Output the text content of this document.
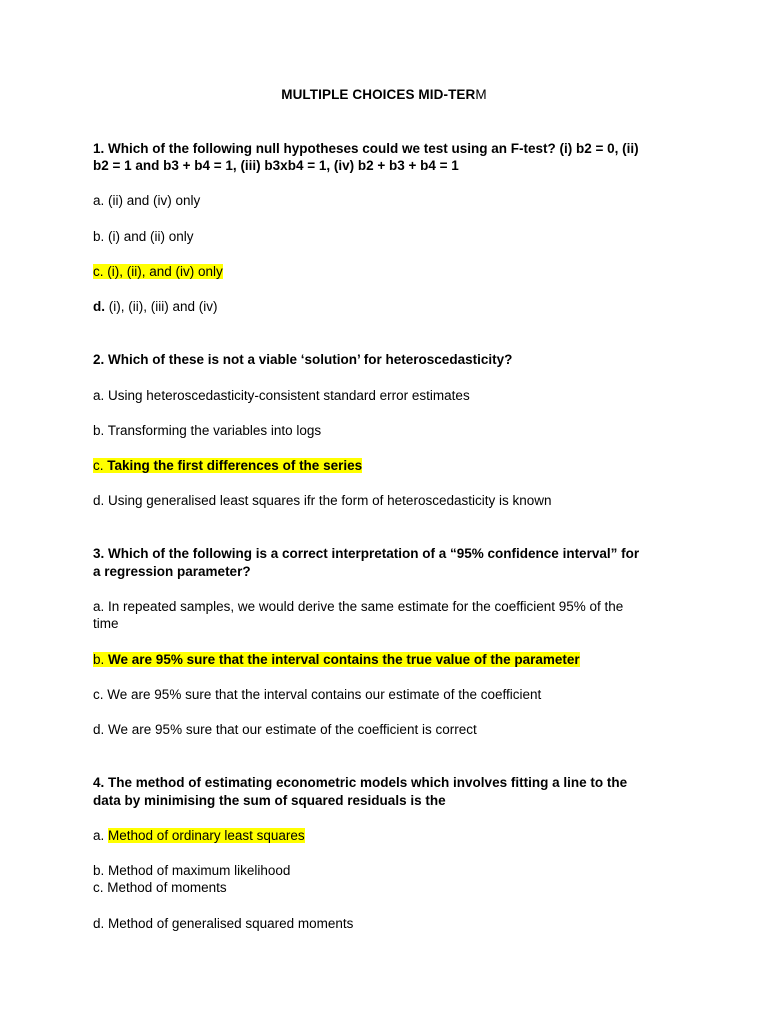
MULTIPLE CHOICES MID-TERM
1. Which of the following null hypotheses could we test using an F-test? (i) b2 = 0, (ii)
b2 = 1 and b3 + b4 = 1, (iii) b3xb4 = 1, (iv) b2 + b3 + b4 = 1
a. (ii) and (iv) only
b. (i) and (ii) only
c. (i), (ii), and (iv) only
d. (i), (ii), (iii) and (iv)
2. Which of these is not a viable ‘solution’ for heteroscedasticity?
a. Using heteroscedasticity-consistent standard error estimates
b. Transforming the variables into logs
c. Taking the first differences of the series
d. Using generalised least squares ifr the form of heteroscedasticity is known
3. Which of the following is a correct interpretation of a “95% confidence interval” for
a regression parameter?
a. In repeated samples, we would derive the same estimate for the coefficient 95% of the
time
b. We are 95% sure that the interval contains the true value of the parameter
c. We are 95% sure that the interval contains our estimate of the coefficient
d. We are 95% sure that our estimate of the coefficient is correct
4. The method of estimating econometric models which involves fitting a line to the
data by minimising the sum of squared residuals is the
a. Method of ordinary least squares
b. Method of maximum likelihood
c. Method of moments
d. Method of generalised squared moments
